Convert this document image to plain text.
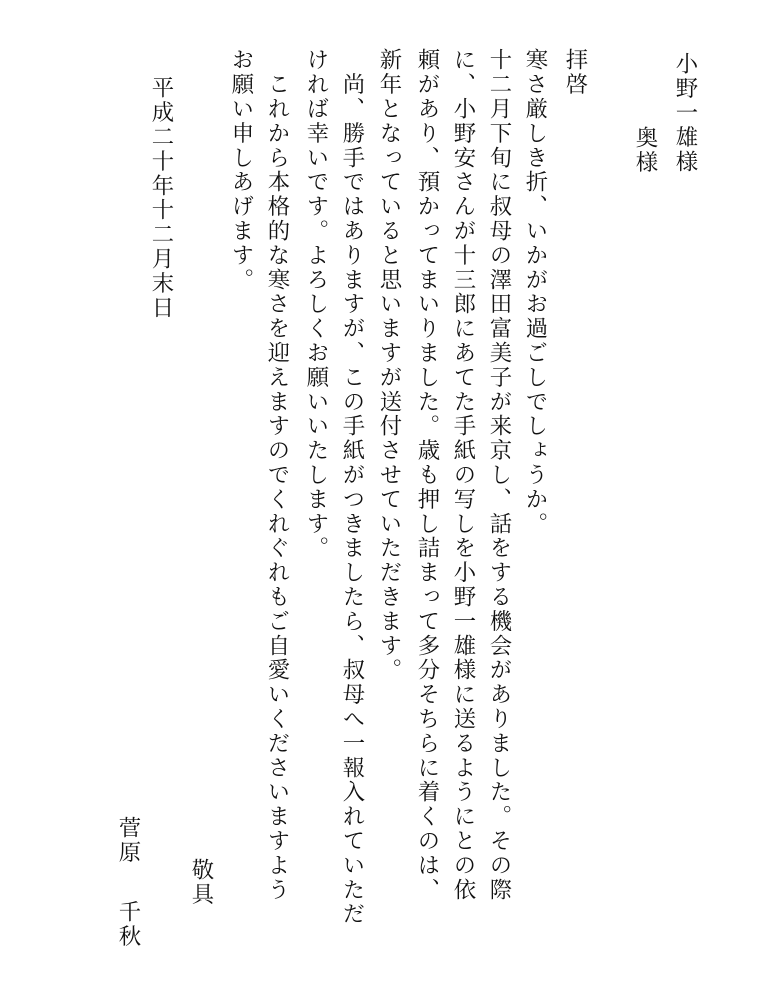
小野一雄様
奥様
拝啓
寒さ厳しき折、いかがお過ごしでしょうか。
十二月下旬に叔母の澤田富美子が来京し、話をする機会がありました。その際
に、小野安さんが十三郎にあてた手紙の写しを小野一雄様に送るようにとの依
頼があり、預かってまいりました。歳も押し詰まって多分そちらに着くのは、
新年となっていると思いますが送付させていただきます。
　尚、勝手ではありますが、この手紙がつきましたら、叔母へ一報入れていただ
ければ幸いです。よろしくお願いいたします。
　これから本格的な寒さを迎えますのでくれぐれもご自愛いくださいますよう
お願い申しあげます。
敬具
平成二十年十二月末日
菅原
千秋
